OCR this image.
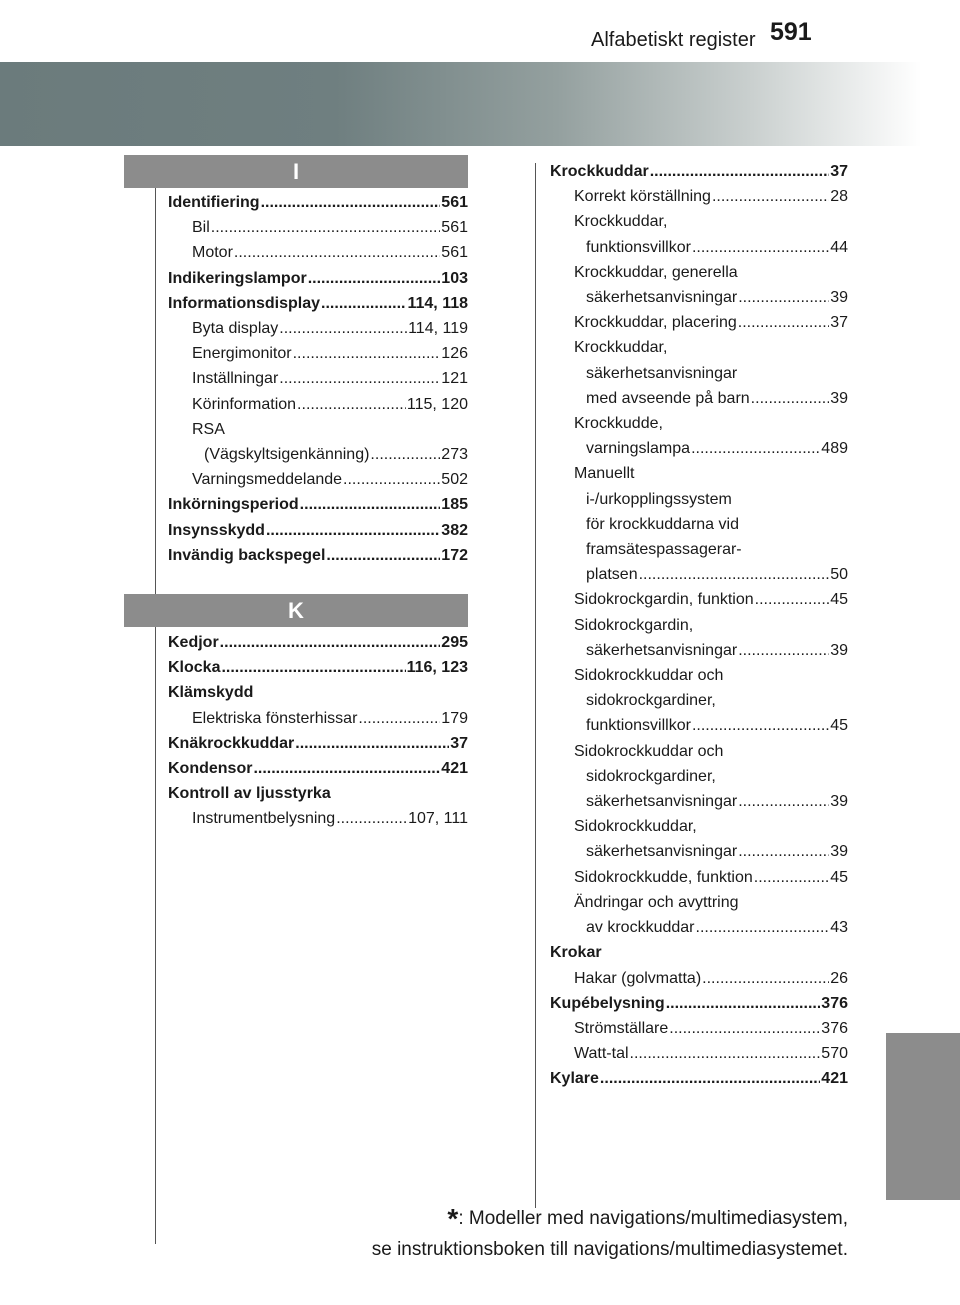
Alfabetiskt register 591
I
Identifiering .....	561
Bil .....	561
Motor .....	561
Indikeringslampor .....	103
Informationsdisplay .....	114, 118
Byta display .....	114, 119
Energimonitor .....	126
Inställningar .....	121
Körinformation .....	115, 120
RSA
(Vägskyltsigenkänning) .....	273
Varningsmeddelande .....	502
Inkörningsperiod .....	185
Insynsskydd .....	382
Invändig backspegel .....	172
K
Kedjor .....	295
Klocka .....	116, 123
Klämskydd
Elektriska fönsterhissar .....	179
Knäkrockkuddar .....	37
Kondensor .....	421
Kontroll av ljusstyrka
Instrumentbelysning .....	107, 111
Krockkuddar .....	37
Korrekt körställning .....	28
Krockkuddar,
funktionsvillkor .....	44
Krockkuddar, generella
säkerhetsanvisningar .....	39
Krockkuddar, placering .....	37
Krockkuddar,
säkerhetsanvisningar
med avseende på barn .....	39
Krockkudde,
varningslampa .....	489
Manuellt
i-/urkopplingssystem
för krockkuddarna vid
framsätespassagerar-
platsen .....	50
Sidokrockgardin, funktion .....	45
Sidokrockgardin,
säkerhetsanvisningar .....	39
Sidokrockkuddar och
sidokrockgardiner,
funktionsvillkor .....	45
Sidokrockkuddar och
sidokrockgardiner,
säkerhetsanvisningar .....	39
Sidokrockkuddar,
säkerhetsanvisningar .....	39
Sidokrockkudde, funktion .....	45
Ändringar och avyttring
av krockkuddar .....	43
Krokar
Hakar (golvmatta) .....	26
Kupébelysning .....	376
Strömställare .....	376
Watt-tal .....	570
Kylare .....	421
*: Modeller med navigations/multimediasystem,
se instruktionsboken till navigations/multimediasystemet.
